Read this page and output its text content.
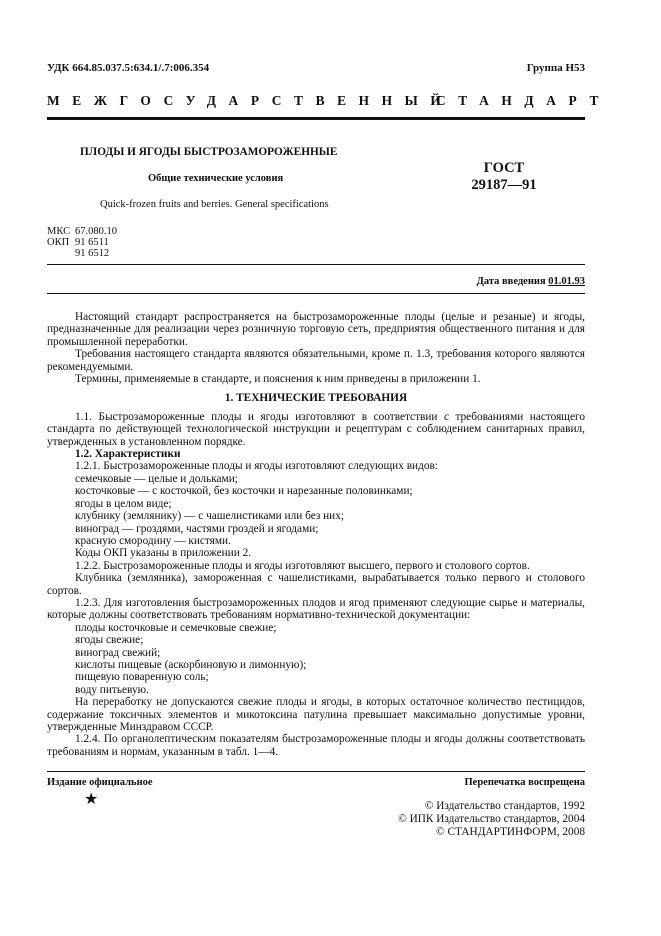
УДК 664.85.037.5:634.1/.7:006.354	Группа Н53
МЕЖГОСУДАРСТВЕННЫЙ
СТАНДАРТ
ПЛОДЫ И ЯГОДЫ БЫСТРОЗАМОРОЖЕННЫЕ
Общие технические условия
Quick-frozen fruits and berries. General specifications
ГОСТ
29187—91
МКС 67.080.10
ОКП 91 6511
91 6512
Дата введения 01.01.93

Настоящий стандарт распространяется на быстрозамороженные плоды (целые и резаные) и ягоды, предназначенные для реализации через розничную торговую сеть, предприятия общественного питания и для промышленной переработки.

Требования настоящего стандарта являются обязательными, кроме п. 1.3, требования которого являются рекомендуемыми.

Термины, применяемые в стандарте, и пояснения к ним приведены в приложении 1.

1. ТЕХНИЧЕСКИЕ ТРЕБОВАНИЯ

1.1. Быстрозамороженные плоды и ягоды изготовляют в соответствии с требованиями настоящего стандарта по действующей технологической инструкции и рецептурам с соблюдением санитарных правил, утвержденных в установленном порядке.

1.2. Характеристики

1.2.1. Быстрозамороженные плоды и ягоды изготовляют следующих видов:

семечковые — целые и дольками;

косточковые — с косточкой, без косточки и нарезанные половинками;

ягоды в целом виде;

клубнику (землянику) — с чашелистиками или без них;

виноград — гроздями, частями гроздей и ягодами;

красную смородину — кистями.

Коды ОКП указаны в приложении 2.

1.2.2. Быстрозамороженные плоды и ягоды изготовляют высшего, первого и столового сортов.

Клубника (земляника), замороженная с чашелистиками, вырабатывается только первого и столового сортов.

1.2.3. Для изготовления быстрозамороженных плодов и ягод применяют следующие сырье и материалы, которые должны соответствовать требованиям нормативно-технической документации:

плоды косточковые и семечковые свежие;

ягоды свежие;

виноград свежий;

кислоты пищевые (аскорбиновую и лимонную);

пищевую поваренную соль;

воду питьевую.

На переработку не допускаются свежие плоды и ягоды, в которых остаточное количество пестицидов, содержание токсичных элементов и микотоксина патулина превышает максимально допустимые уровни, утвержденные Минздравом СССР.

1.2.4. По органолептическим показателям быстрозамороженные плоды и ягоды должны соответствовать требованиям и нормам, указанным в табл. 1—4.

Издание официальное
★
Перепечатка воспрещена
© Издательство стандартов, 1992
© ИПК Издательство стандартов, 2004
© СТАНДАРТИНФОРМ, 2008
